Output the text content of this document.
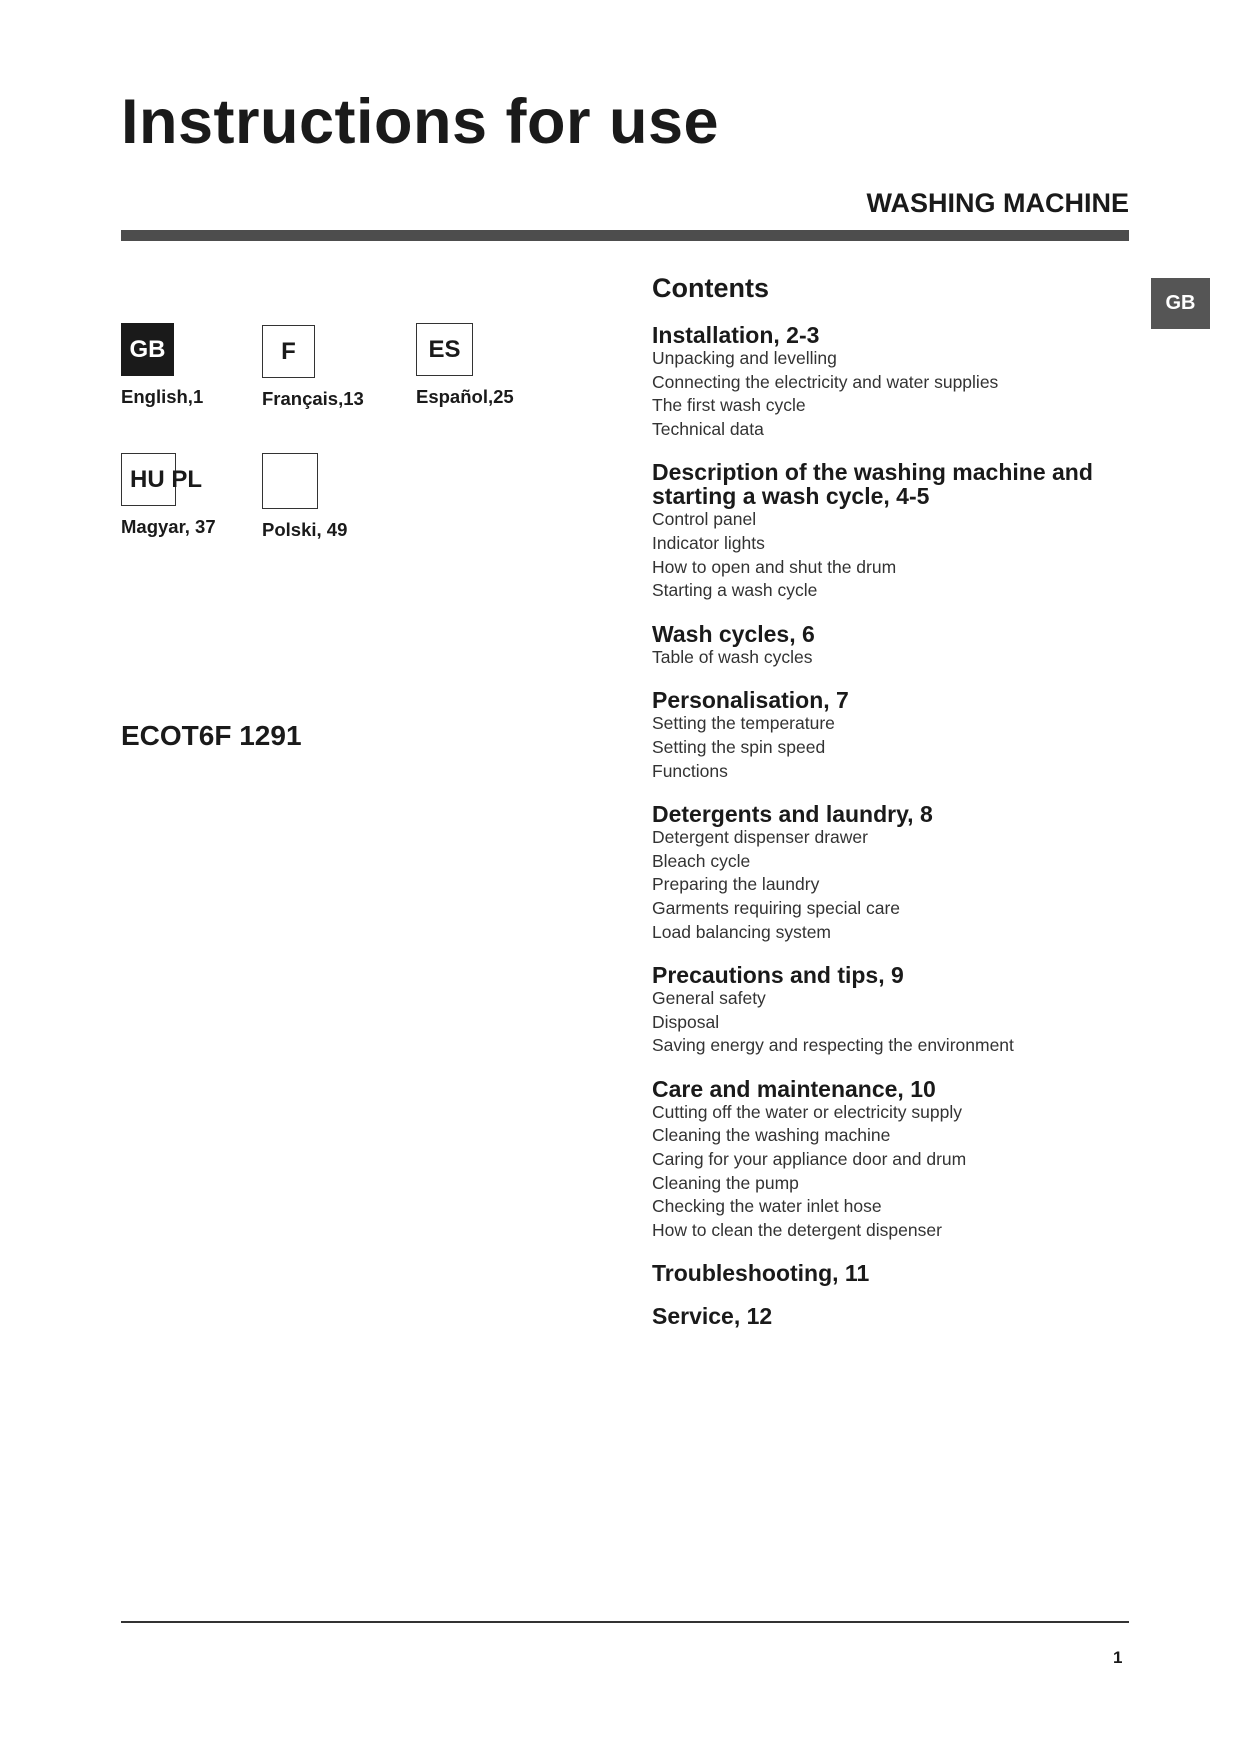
Instructions for use
WASHING MACHINE
GB
GB
English,1
F
Français,13
ES
Español,25
HU PL
Magyar, 37	Polski, 49
ECOT6F 1291
Contents
Installation, 2-3
Unpacking and levelling
Connecting the electricity and water supplies
The first wash cycle
Technical data
Description of the washing machine and starting a wash cycle, 4-5
Control panel
Indicator lights
How to open and shut the drum
Starting a wash cycle
Wash cycles, 6
Table of wash cycles
Personalisation, 7
Setting the temperature
Setting the spin speed
Functions
Detergents and laundry, 8
Detergent dispenser drawer
Bleach cycle
Preparing the laundry
Garments requiring special care
Load balancing system
Precautions and tips, 9
General safety
Disposal
Saving energy and respecting the environment
Care and maintenance, 10
Cutting off the water or electricity supply
Cleaning the washing machine
Caring for your appliance door and drum
Cleaning the pump
Checking the water inlet hose
How to clean the detergent dispenser
Troubleshooting, 11
Service, 12
1
